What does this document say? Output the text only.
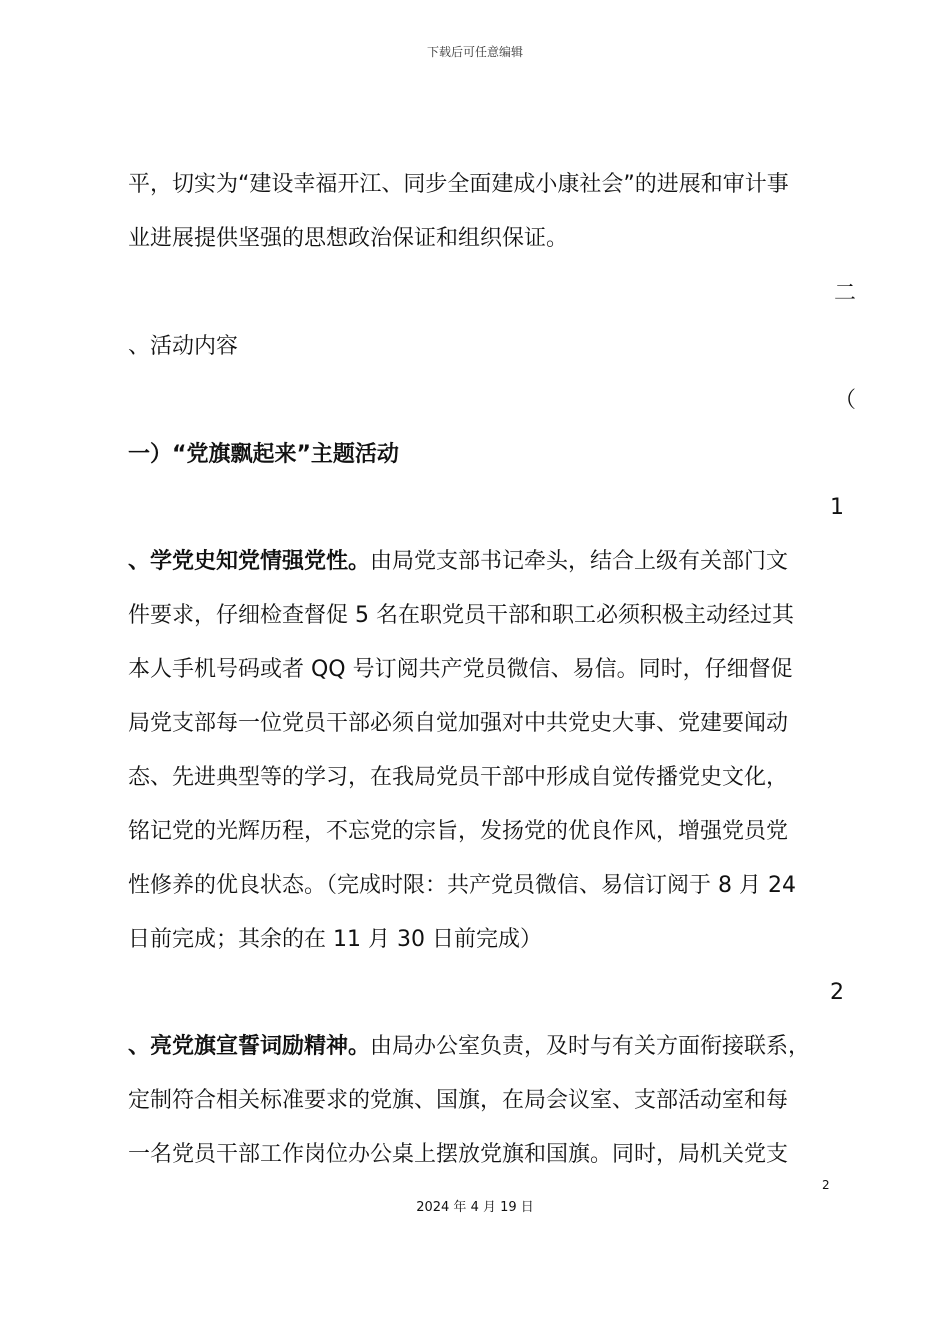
下载后可任意编辑
平，切实为“建设幸福开江、同步全面建成小康社会”的进展和审计事
业进展提供坚强的思想政治保证和组织保证。
二
、活动内容
（
一）“党旗飘起来”主题活动
1
、学党史知党情强党性。由局党支部书记牵头，结合上级有关部门文
件要求，仔细检查督促 5 名在职党员干部和职工必须积极主动经过其
本人手机号码或者 QQ 号订阅共产党员微信、易信。同时，仔细督促
局党支部每一位党员干部必须自觉加强对中共党史大事、党建要闻动
态、先进典型等的学习，在我局党员干部中形成自觉传播党史文化，
铭记党的光辉历程，不忘党的宗旨，发扬党的优良作风，增强党员党
性修养的优良状态。（完成时限：共产党员微信、易信订阅于 8 月 24
日前完成；其余的在 11 月 30 日前完成）
2
、亮党旗宣誓词励精神。由局办公室负责，及时与有关方面衔接联系，
定制符合相关标准要求的党旗、国旗，在局会议室、支部活动室和每
一名党员干部工作岗位办公桌上摆放党旗和国旗。同时，局机关党支
2
2024 年 4 月 19 日
